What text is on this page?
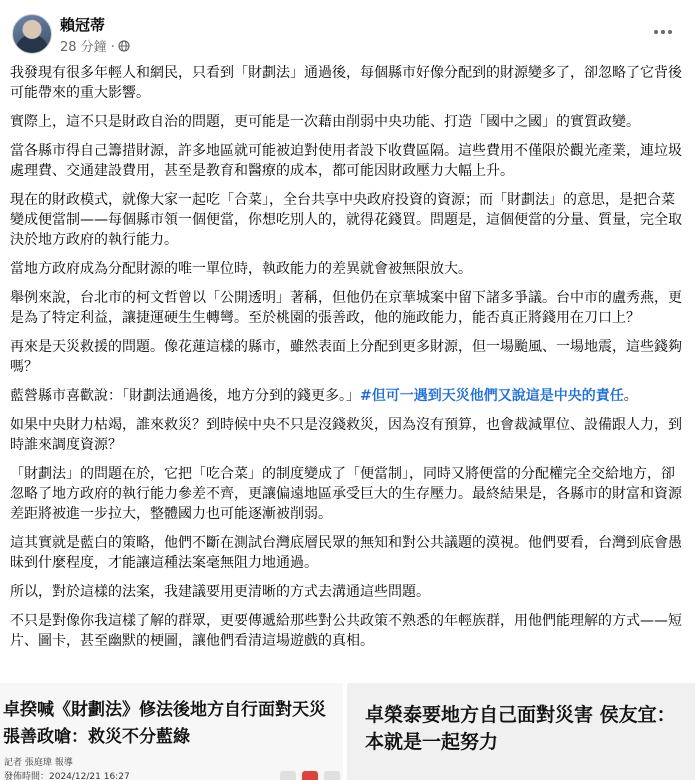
賴冠蒂
28 分鐘 ·

我發現有很多年輕人和網民，只看到「財劃法」通過後，每個縣市好像分配到的財源變多了，卻忽略了它背後可能帶來的重大影響。

實際上，這不只是財政自治的問題，更可能是一次藉由削弱中央功能、打造「國中之國」的實質政變。

當各縣市得自己籌措財源，許多地區就可能被迫對使用者設下收費區隔。這些費用不僅限於觀光產業，連垃圾處理費、交通建設費用，甚至是教育和醫療的成本，都可能因財政壓力大幅上升。

現在的財政模式，就像大家一起吃「合菜」，全台共享中央政府投資的資源；而「財劃法」的意思，是把合菜變成便當制——每個縣市領一個便當，你想吃別人的，就得花錢買。問題是，這個便當的分量、質量，完全取決於地方政府的執行能力。

當地方政府成為分配財源的唯一單位時，執政能力的差異就會被無限放大。

舉例來說，台北市的柯文哲曾以「公開透明」著稱，但他仍在京華城案中留下諸多爭議。台中市的盧秀燕，更是為了特定利益，讓捷運硬生生轉彎。至於桃園的張善政，他的施政能力，能否真正將錢用在刀口上？

再來是天災救援的問題。像花蓮這樣的縣市，雖然表面上分配到更多財源，但一場颱風、一場地震，這些錢夠嗎？

藍營縣市喜歡說：「財劃法通過後，地方分到的錢更多。」#但可一遇到天災他們又說這是中央的責任。

如果中央財力枯竭，誰來救災？到時候中央不只是沒錢救災，因為沒有預算，也會裁減單位、設備跟人力，到時誰來調度資源？

「財劃法」的問題在於，它把「吃合菜」的制度變成了「便當制」，同時又將便當的分配權完全交給地方，卻忽略了地方政府的執行能力參差不齊，更讓偏遠地區承受巨大的生存壓力。最終結果是，各縣市的財富和資源差距將被進一步拉大，整體國力也可能逐漸被削弱。

這其實就是藍白的策略，他們不斷在測試台灣底層民眾的無知和對公共議題的漠視。他們要看，台灣到底會愚昧到什麼程度，才能讓這種法案毫無阻力地通過。

所以，對於這樣的法案，我建議要用更清晰的方式去溝通這些問題。

不只是對像你我這樣了解的群眾，更要傳遞給那些對公共政策不熟悉的年輕族群，用他們能理解的方式——短片、圖卡，甚至幽默的梗圖，讓他們看清這場遊戲的真相。

卓揆喊《財劃法》修法後地方自行面對天災　張善政嗆：救災不分藍綠
記者 張庭瑋 報導
發佈時間：2024/12/21 16:27
卓榮泰要地方自己面對災害 侯友宜：本就是一起努力
